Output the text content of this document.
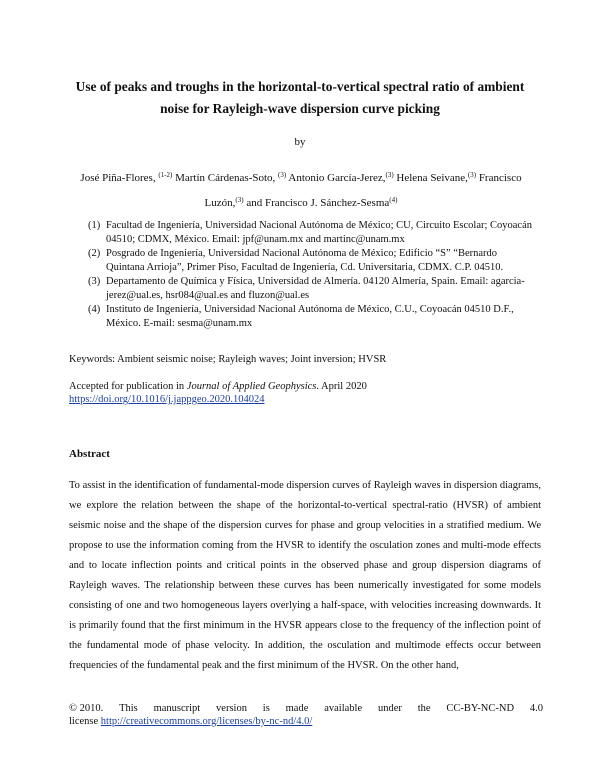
Use of peaks and troughs in the horizontal-to-vertical spectral ratio of ambient noise for Rayleigh-wave dispersion curve picking
by
José Piña-Flores, $^{(1-2)}$ Martín Cárdenas-Soto, $^{(3)}$ Antonio García-Jerez,$^{(3)}$ Helena Seivane,$^{(3)}$ Francisco Luzón,$^{(3)}$ and Francisco J. Sánchez-Sesma$^{(4)}$
(1) Facultad de Ingeniería, Universidad Nacional Autónoma de México; CU, Circuito Escolar; Coyoacán 04510; CDMX, México. Email: jpf@unam.mx and martinc@unam.mx
(2) Posgrado de Ingeniería, Universidad Nacional Autónoma de México; Edificio “S” “Bernardo Quintana Arrioja”, Primer Piso, Facultad de Ingeniería, Cd. Universitaria, CDMX. C.P. 04510.
(3) Departamento de Química y Física, Universidad de Almería. 04120 Almería, Spain. Email: agarcia-jerez@ual.es, hsr084@ual.es and fluzon@ual.es
(4) Instituto de Ingeniería, Universidad Nacional Autónoma de México, C.U., Coyoacán 04510 D.F., México. E-mail: sesma@unam.mx
Keywords: Ambient seismic noise; Rayleigh waves; Joint inversion; HVSR
Accepted for publication in Journal of Applied Geophysics. April 2020
https://doi.org/10.1016/j.jappgeo.2020.104024
Abstract

To assist in the identification of fundamental-mode dispersion curves of Rayleigh waves in dispersion diagrams, we explore the relation between the shape of the horizontal-to-vertical spectral-ratio (HVSR) of ambient seismic noise and the shape of the dispersion curves for phase and group velocities in a stratified medium. We propose to use the information coming from the HVSR to identify the osculation zones and multi-mode effects and to locate inflection points and critical points in the observed phase and group dispersion diagrams of Rayleigh waves. The relationship between these curves has been numerically investigated for some models consisting of one and two homogeneous layers overlying a half-space, with velocities increasing downwards. It is primarily found that the first minimum in the HVSR appears close to the frequency of the inflection point of the fundamental mode of phase velocity. In addition, the osculation and multimode effects occur between frequencies of the fundamental peak and the first minimum of the HVSR. On the other hand,

© 2010. This manuscript version is made available under the CC-BY-NC-ND 4.0
license http://creativecommons.org/licenses/by-nc-nd/4.0/
